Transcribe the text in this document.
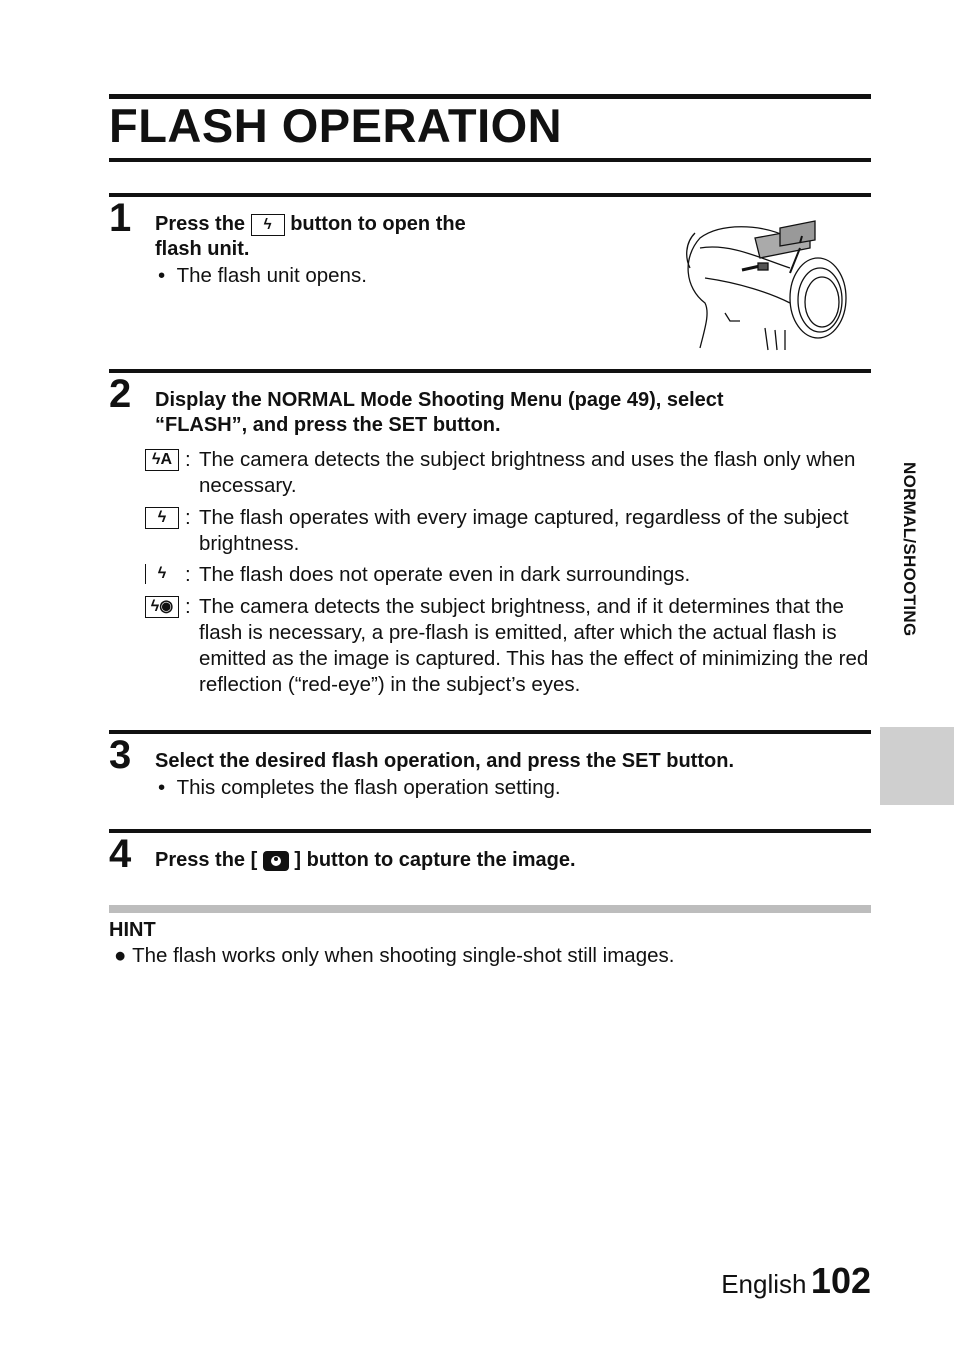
FLASH OPERATION
1 Press the ϟ button to open the
flash unit.
•  The flash unit opens.
2 Display the NORMAL Mode Shooting Menu (page 49), select
“FLASH”, and press the SET button.
ϟA : The camera detects the subject brightness and uses the flash only when necessary.
ϟ : The flash operates with every image captured, regardless of the subject brightness.
ϟ : The flash does not operate even in dark surroundings.
ϟ◉ : The camera detects the subject brightness, and if it determines that the flash is necessary, a pre-flash is emitted, after which the actual flash is emitted as the image is captured. This has the effect of minimizing the red reflection (“red-eye”) in the subject’s eyes.
3 Select the desired flash operation, and press the SET button.
•  This completes the flash operation setting.
4 Press the [ ] button to capture the image.
HINT
● The flash works only when shooting single-shot still images.
NORMAL/SHOOTING
English 102
